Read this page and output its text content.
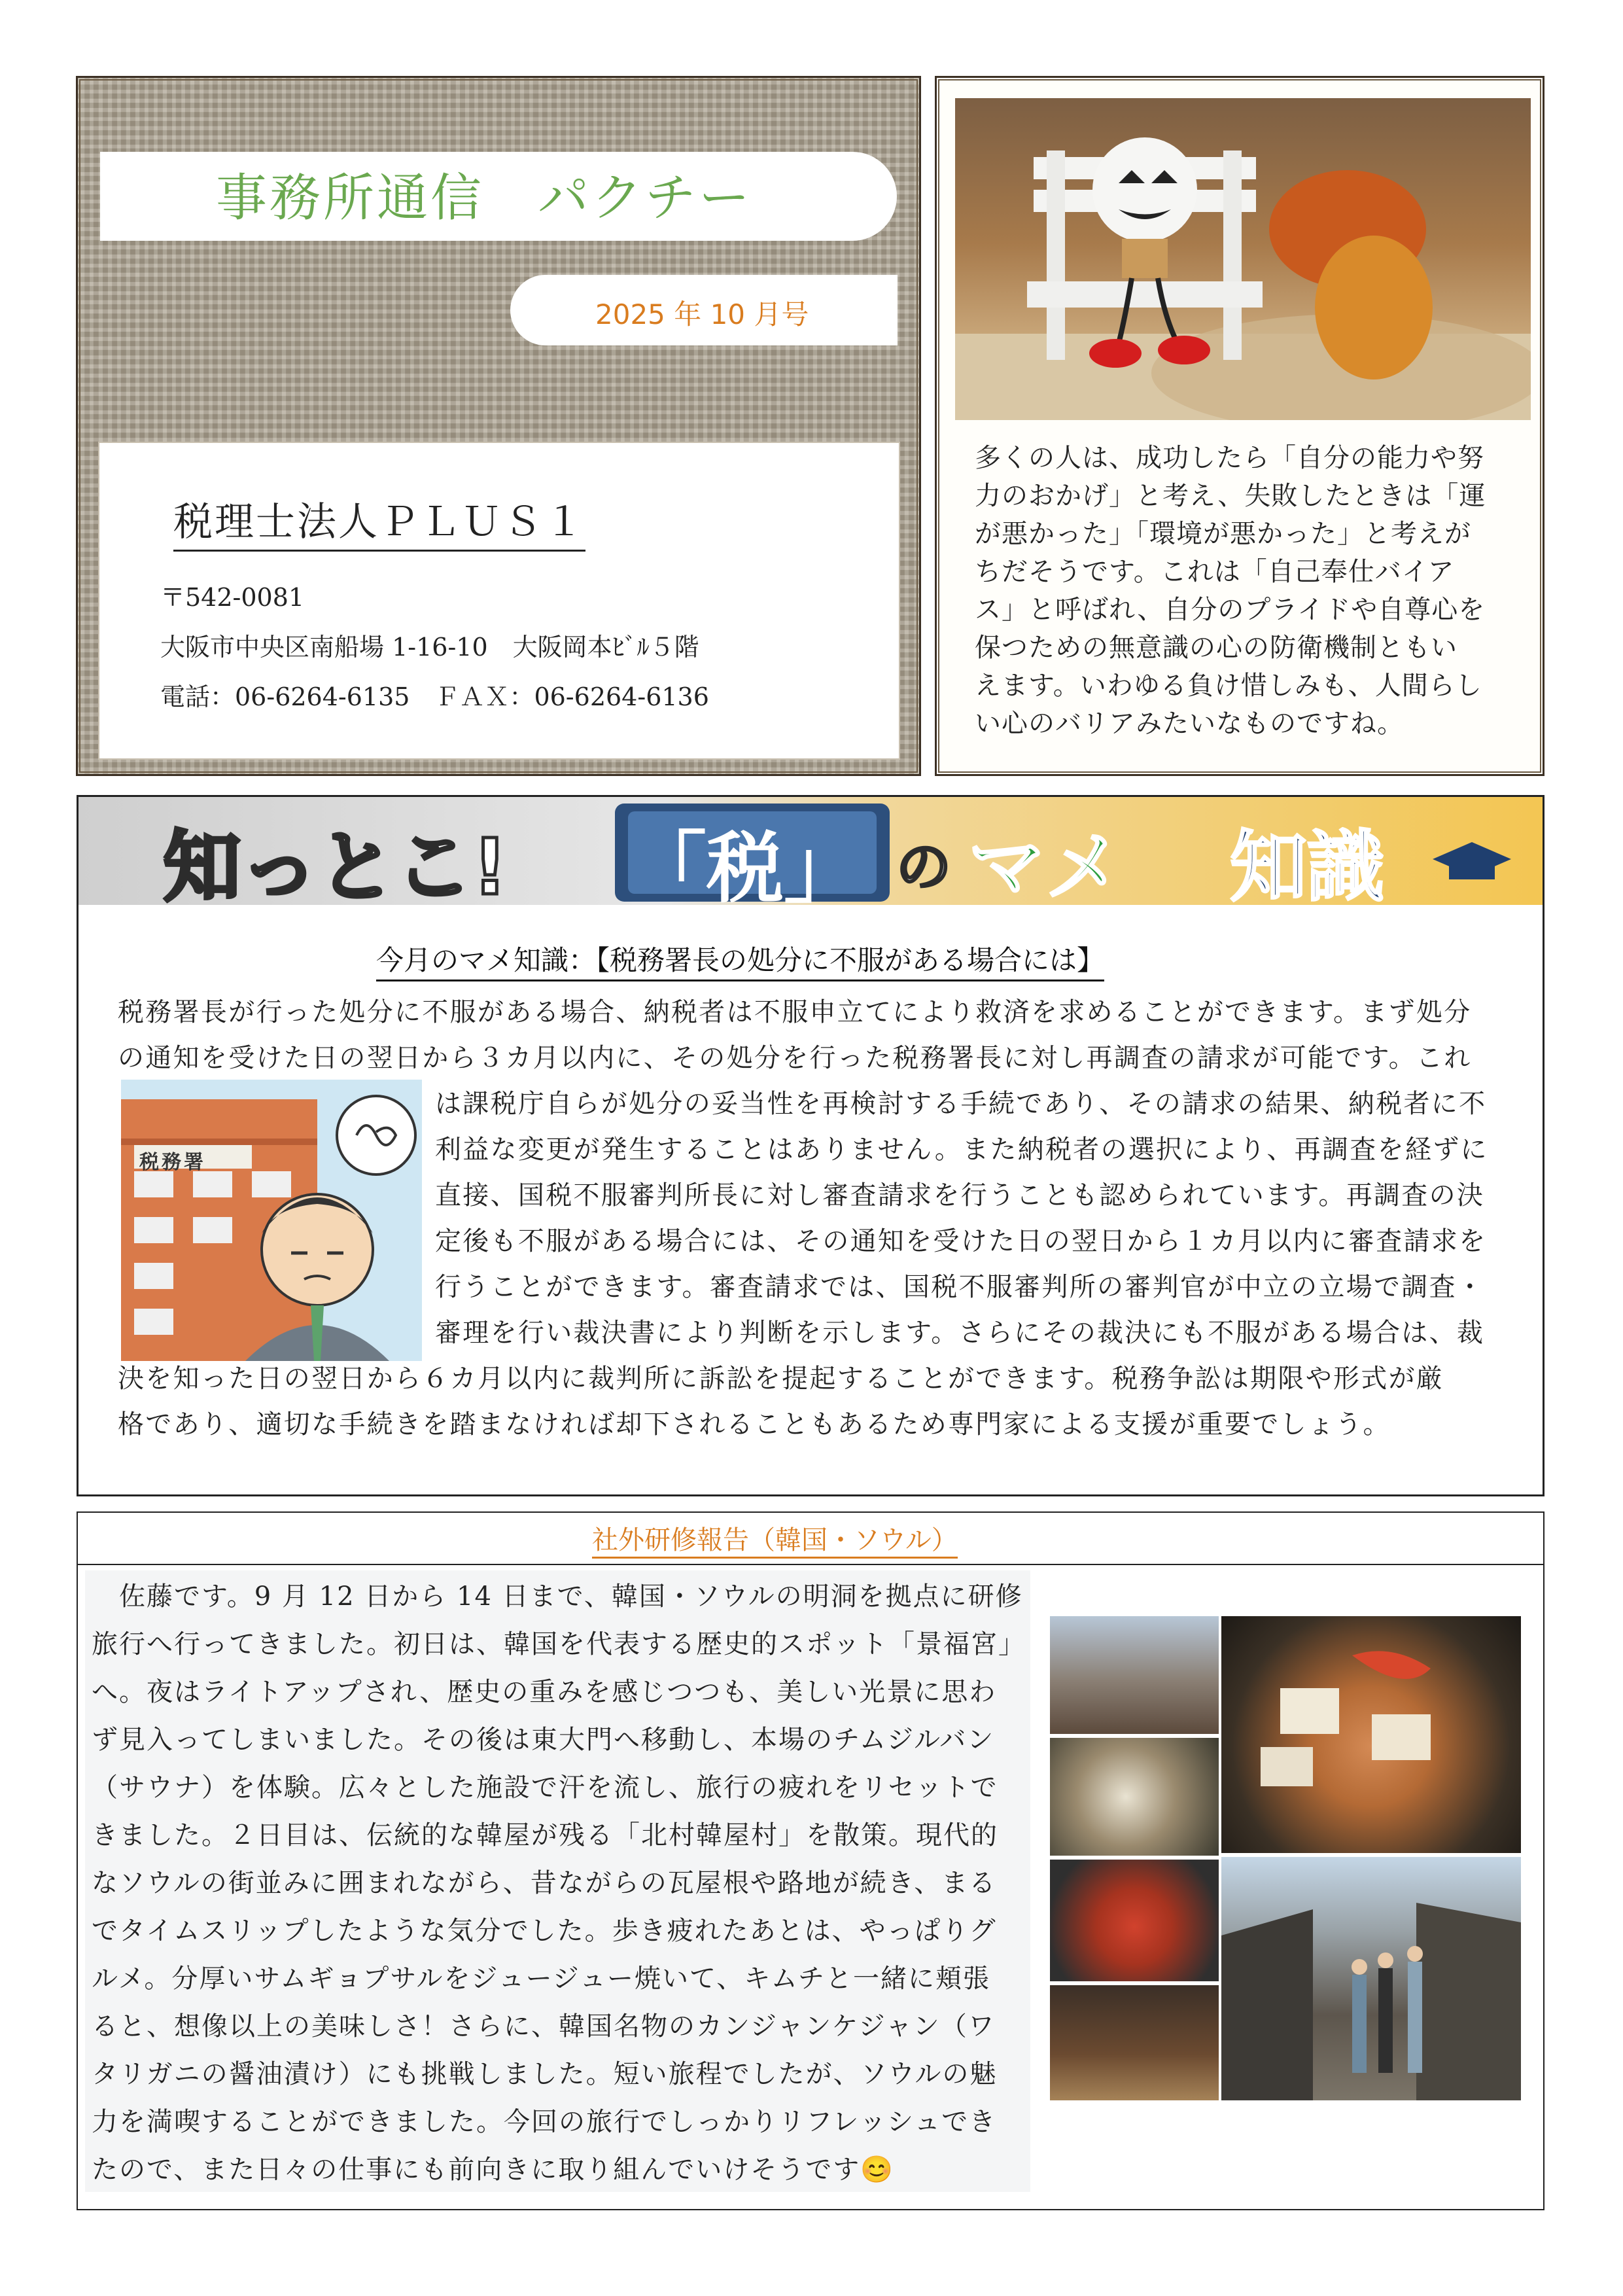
事務所通信　パクチー
2025 年 10 月号
税理士法人ＰＬＵＳ１
〒542-0081
大阪市中央区南船場 1-16-10　大阪岡本ﾋﾞﾙ５階
電話：06-6264-6135　ＦＡＸ：06-6264-6136
多くの人は、成功したら「自分の能力や努
力のおかげ」と考え、失敗したときは「運
が悪かった」「環境が悪かった」と考えが
ちだそうです。これは「自己奉仕バイア
ス」と呼ばれ、自分のプライドや自尊心を
保つための無意識の心の防衛機制ともい
えます。いわゆる負け惜しみも、人間らし
い心のバリアみたいなものですね。
知っとこ! 「税」 の マメ 知識
今月のマメ知識：【税務署長の処分に不服がある場合には】
税務署長が行った処分に不服がある場合、納税者は不服申立てにより救済を求めることができます。まず処分
の通知を受けた日の翌日から３カ月以内に、その処分を行った税務署長に対し再調査の請求が可能です。これ
は課税庁自らが処分の妥当性を再検討する手続であり、その請求の結果、納税者に不
利益な変更が発生することはありません。また納税者の選択により、再調査を経ずに
直接、国税不服審判所長に対し審査請求を行うことも認められています。再調査の決
定後も不服がある場合には、その通知を受けた日の翌日から１カ月以内に審査請求を
行うことができます。審査請求では、国税不服審判所の審判官が中立の立場で調査・
審理を行い裁決書により判断を示します。さらにその裁決にも不服がある場合は、裁
決を知った日の翌日から６カ月以内に裁判所に訴訟を提起することができます。税務争訟は期限や形式が厳
格であり、適切な手続きを踏まなければ却下されることもあるため専門家による支援が重要でしょう。
税務署
社外研修報告（韓国・ソウル）
　佐藤です。9 月 12 日から 14 日まで、韓国・ソウルの明洞を拠点に研修
旅行へ行ってきました。初日は、韓国を代表する歴史的スポット「景福宮」
へ。夜はライトアップされ、歴史の重みを感じつつも、美しい光景に思わ
ず見入ってしまいました。その後は東大門へ移動し、本場のチムジルバン
（サウナ）を体験。広々とした施設で汗を流し、旅行の疲れをリセットで
きました。２日目は、伝統的な韓屋が残る「北村韓屋村」を散策。現代的
なソウルの街並みに囲まれながら、昔ながらの瓦屋根や路地が続き、まる
でタイムスリップしたような気分でした。歩き疲れたあとは、やっぱりグ
ルメ。分厚いサムギョプサルをジュージュー焼いて、キムチと一緒に頬張
ると、想像以上の美味しさ！さらに、韓国名物のカンジャンケジャン（ワ
タリガニの醤油漬け）にも挑戦しました。短い旅程でしたが、ソウルの魅
力を満喫することができました。今回の旅行でしっかりリフレッシュでき
たので、また日々の仕事にも前向きに取り組んでいけそうです😊
